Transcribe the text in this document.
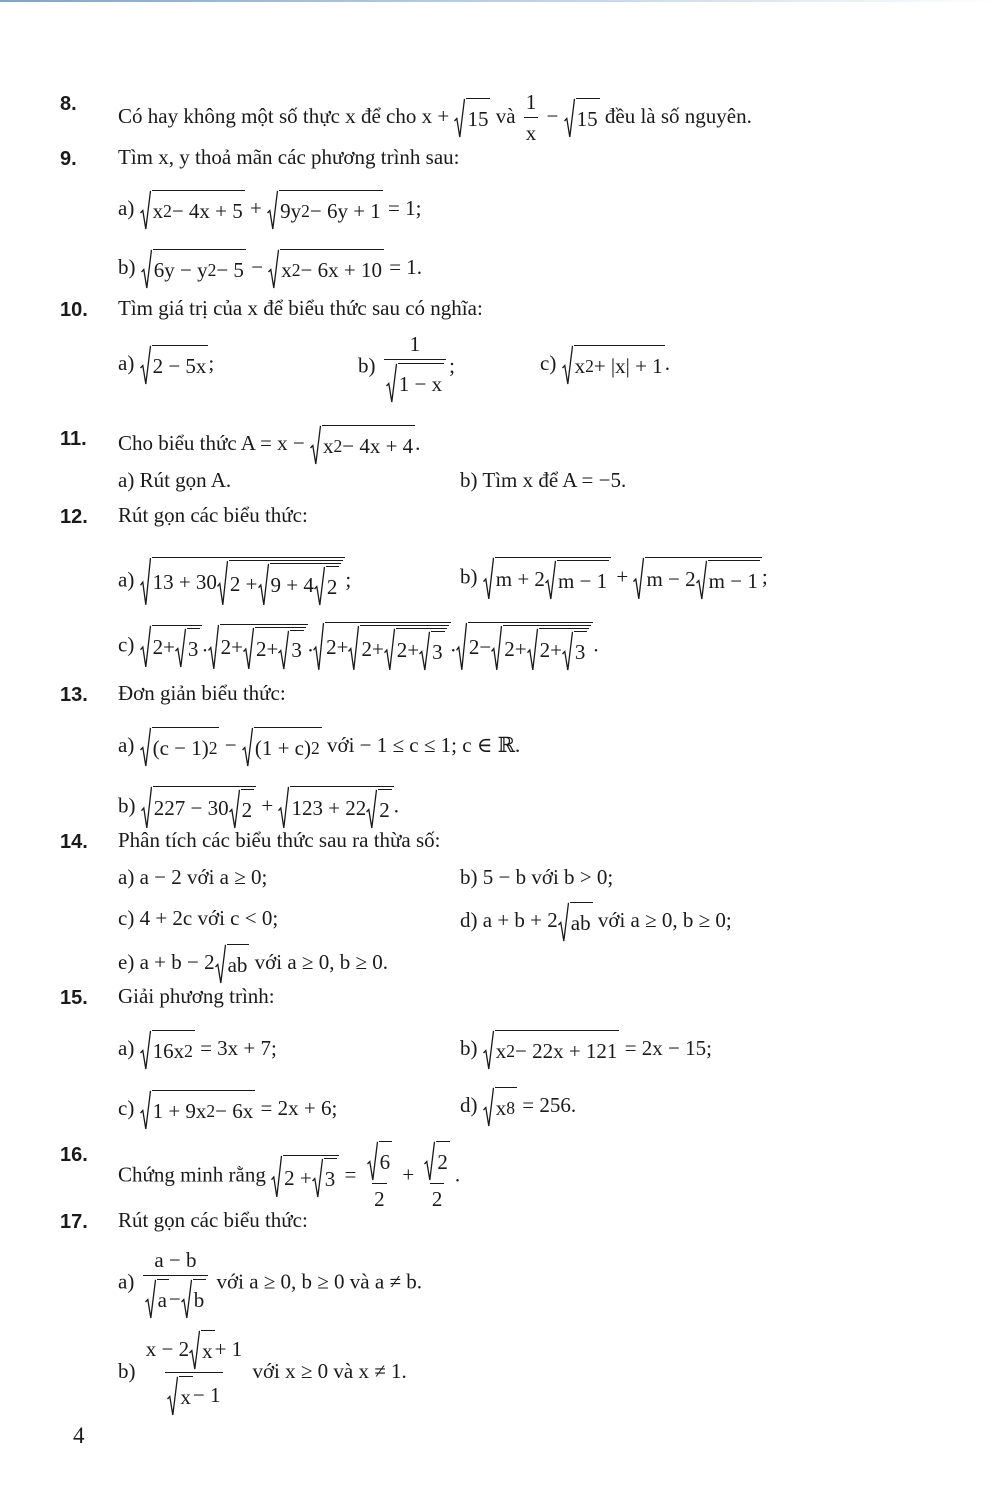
8. Có hay không một số thực x để cho x + 15 và $\frac{1}{x} - 15$ đều là số nguyên.
9. Tìm x, y thoả mãn các phương trình sau:
a) x 2 − 4x + 5 + 9y 2 − 6y + 1 = 1;
b) 6y − y 2 − 5 − x 2 − 6x + 10 = 1.
10. Tìm giá trị của x để biểu thức sau có nghĩa:
a) 2 − 5x ;	$b) \frac{1}{1 - x}$ ;	c) x 2 + |x| + 1 .
11. Cho biểu thức A = x − x 2 − 4x + 4 .
a) Rút gọn A.	b) Tìm x để A = −5.
12. Rút gọn các biểu thức:
a) 13 + 30 2 + 9 + 4 2 ;	b) m + 2 m − 1 + m − 2 m − 1 ;
c) 2+ 3 . 2+ 2+ 3 . 2+ 2+ 2+ 3 . 2− 2+ 2+ 3 .
13. Đơn giản biểu thức:
a) (c − 1) 2 − (1 + c) 2 với − 1 ≤ c ≤ 1; c ∈ ℝ.
b) 227 − 30 2 + 123 + 22 2 .
14. Phân tích các biểu thức sau ra thừa số:
a) a − 2 với a ≥ 0;	b) 5 − b với b > 0;
c) 4 + 2c với c < 0;	d) a + b + 2 ab với a ≥ 0, b ≥ 0;
15. Giải phương trình:
e) a + b − 2 ab với a ≥ 0, b ≥ 0.
a) 16x 2 = 3x + 7;	b) x 2 − 22x + 121 = 2x − 15;
c) 1 + 9x 2 − 6x = 2x + 6;	d) x 8 = 256.
16.
Chứng minh rằng $2 + 3 = \frac{6}{2} + \frac{2}{2}$ .
17. Rút gọn các biểu thức:
$a) \frac{a - b}{a - b}$ với a ≥ 0, b ≥ 0 và a ≠ b.
$b) \frac{x - 2 x + 1}{x - 1}$ với x ≥ 0 và x ≠ 1.
4
